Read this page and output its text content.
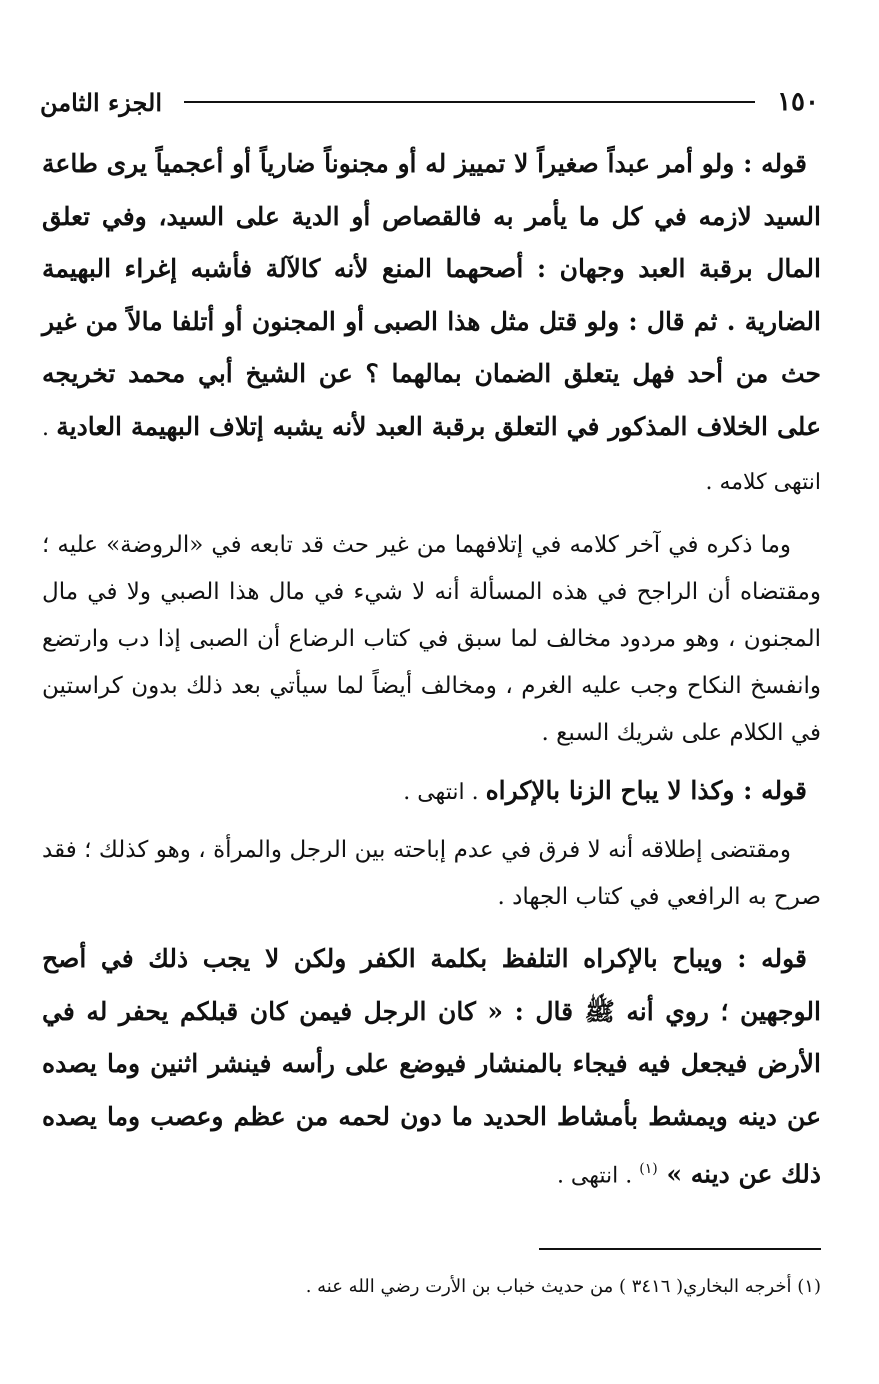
١٥٠
الجزء الثامن

قوله : ولو أمر عبداً صغيراً لا تمييز له أو مجنوناً ضارياً أو أعجمياً يرى طاعة السيد لازمه في كل ما يأمر به فالقصاص أو الدية على السيد، وفي تعلق المال برقبة العبد وجهان : أصحهما المنع لأنه كالآلة فأشبه إغراء البهيمة الضارية . ثم قال : ولو قتل مثل هذا الصبى أو المجنون أو أتلفا مالاً من غير حث من أحد فهل يتعلق الضمان بمالهما ؟ عن الشيخ أبي محمد تخريجه على الخلاف المذكور في التعلق برقبة العبد لأنه يشبه إتلاف البهيمة العادية . انتهى كلامه .

وما ذكره في آخر كلامه في إتلافهما من غير حث قد تابعه في «الروضة» عليه ؛ ومقتضاه أن الراجح في هذه المسألة أنه لا شيء في مال هذا الصبي ولا في مال المجنون ، وهو مردود مخالف لما سبق في كتاب الرضاع أن الصبى إذا دب وارتضع وانفسخ النكاح وجب عليه الغرم ، ومخالف أيضاً لما سيأتي بعد ذلك بدون كراستين في الكلام على شريك السبع .

قوله : وكذا لا يباح الزنا بالإكراه . انتهى .

ومقتضى إطلاقه أنه لا فرق في عدم إباحته بين الرجل والمرأة ، وهو كذلك ؛ فقد صرح به الرافعي في كتاب الجهاد .

قوله : ويباح بالإكراه التلفظ بكلمة الكفر ولكن لا يجب ذلك في أصح الوجهين ؛ روي أنه ﷺ قال : « كان الرجل فيمن كان قبلكم يحفر له في الأرض فيجعل فيه فيجاء بالمنشار فيوضع على رأسه فينشر اثنين وما يصده عن دينه ويمشط بأمشاط الحديد ما دون لحمه من عظم وعصب وما يصده ذلك عن دينه » $^{(١)}$ . انتهى .

(١) أخرجه البخاري( ٣٤١٦ ) من حديث خباب بن الأرت رضي الله عنه .
